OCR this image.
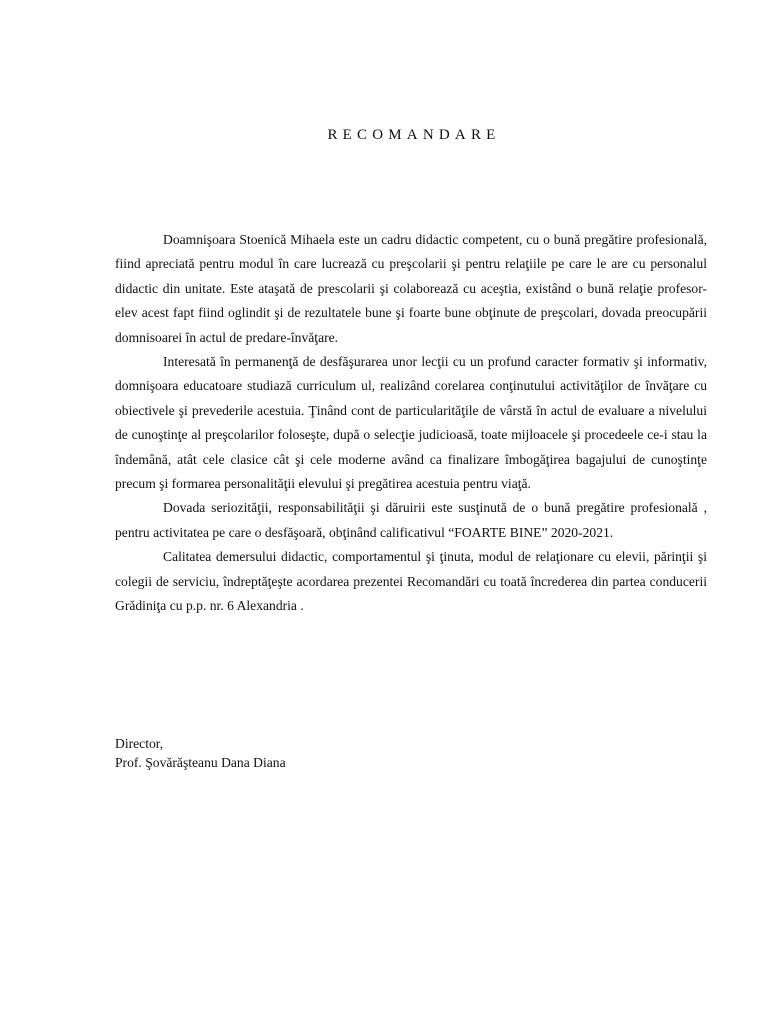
RECOMANDARE

Doamnişoara Stoenică Mihaela este un cadru didactic competent, cu o bună pregătire profesională, fiind apreciată pentru modul în care lucrează cu preşcolarii şi pentru relaţiile pe care le are cu personalul didactic din unitate. Este ataşată de prescolarii şi colaborează cu aceştia, existând o bună relaţie profesor-elev acest fapt fiind oglindit şi de rezultatele bune şi foarte bune obţinute de preşcolari, dovada preocupării domnisoarei în actul de predare-învăţare.

Interesată în permanenţă de desfăşurarea unor lecţii cu un profund caracter formativ şi informativ, domnişoara educatoare studiază curriculum ul, realizând corelarea conţinutului activităţilor de învăţare cu obiectivele şi prevederile acestuia. Ţinând cont de particularităţile de vârstă în actul de evaluare a nivelului de cunoştinţe al preşcolarilor foloseşte, după o selecţie judicioasă, toate mijloacele şi procedeele ce-i stau la îndemână, atât cele clasice cât şi cele moderne având ca finalizare îmbogăţirea bagajului de cunoştinţe precum şi formarea personalităţii elevului şi pregătirea acestuia pentru viaţă.

Dovada seriozităţii, responsabilităţii şi dăruirii este susţinută de o bună pregătire profesională , pentru activitatea pe care o desfăşoară, obţinând calificativul “FOARTE BINE” 2020-2021.

Calitatea demersului didactic, comportamentul şi ţinuta, modul de relaţionare cu elevii, părinţii şi colegii de serviciu, îndreptăţeşte acordarea prezentei Recomandări cu toată încrederea din partea conducerii Grădiniţa cu p.p. nr. 6 Alexandria .

Director,
Prof. Şovărăşteanu Dana Diana
